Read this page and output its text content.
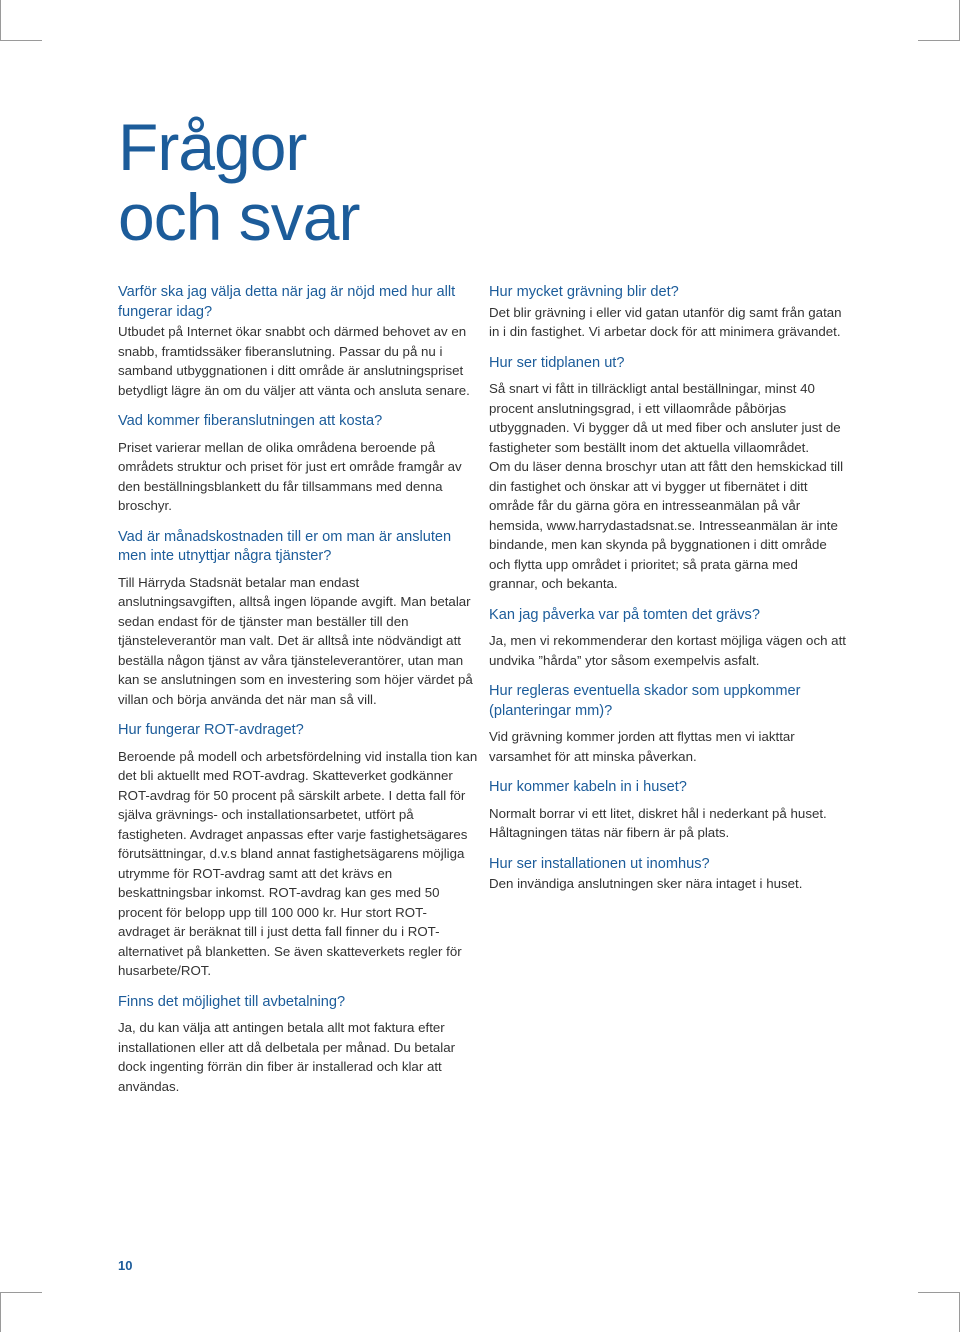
Frågor
och svar
Varför ska jag välja detta när jag är nöjd med hur allt fungerar idag?

Utbudet på Internet ökar snabbt och därmed behovet av en snabb, framtidssäker fiberanslutning. Passar du på nu i samband utbyggnationen i ditt område är anslutningspriset betydligt lägre än om du väljer att vänta och ansluta senare.

Vad kommer fiberanslutningen att kosta?

Priset varierar mellan de olika områdena beroende på områdets struktur och priset för just ert område framgår av den beställningsblankett du får tillsammans med denna broschyr.

Vad är månadskostnaden till er om man är ansluten men inte utnyttjar några tjänster?

Till Härryda Stadsnät betalar man endast anslutningsavgiften, alltså ingen löpande avgift. Man betalar sedan endast för de tjänster man beställer till den tjänsteleverantör man valt. Det är alltså inte nödvändigt att beställa någon tjänst av våra tjänsteleverantörer, utan man kan se anslutningen som en investering som höjer värdet på villan och börja använda det när man så vill.

Hur fungerar ROT-avdraget?

Beroende på modell och arbetsfördelning vid installa tion kan det bli aktuellt med ROT-avdrag. Skatteverket godkänner ROT-avdrag för 50 procent på särskilt arbete. I detta fall för själva grävnings- och installationsarbetet, utfört på fastigheten. Avdraget anpassas efter varje fastighetsägares förutsättningar, d.v.s bland annat fastighetsägarens möjliga utrymme för ROT-avdrag samt att det krävs en beskattningsbar inkomst. ROT-avdrag kan ges med 50 procent för belopp upp till 100 000 kr. Hur stort ROT-avdraget är beräknat till i just detta fall finner du i ROT-alternativet på blanketten. Se även skatteverkets regler för husarbete/ROT.

Finns det möjlighet till avbetalning?

Ja, du kan välja att antingen betala allt mot faktura efter installationen eller att då delbetala per månad. Du betalar dock ingenting förrän din fiber är installerad och klar att användas.

Hur mycket grävning blir det?

Det blir grävning i eller vid gatan utanför dig samt från gatan in i din fastighet. Vi arbetar dock för att minimera grävandet.

Hur ser tidplanen ut?

Så snart vi fått in tillräckligt antal beställningar, minst 40 procent anslutningsgrad, i ett villaområde påbörjas utbyggnaden. Vi bygger då ut med fiber och ansluter just de fastigheter som beställt inom det aktuella villaområdet.

Om du läser denna broschyr utan att fått den hemskickad till din fastighet och önskar att vi bygger ut fibernätet i ditt område får du gärna göra en intresseanmälan på vår hemsida, www.harrydastadsnat.se. Intresseanmälan är inte bindande, men kan skynda på byggnationen i ditt område och flytta upp området i prioritet; så prata gärna med grannar, och bekanta.

Kan jag påverka var på tomten det grävs?

Ja, men vi rekommenderar den kortast möjliga vägen och att undvika ”hårda” ytor såsom exempelvis asfalt.

Hur regleras eventuella skador som uppkommer (planteringar mm)?

Vid grävning kommer jorden att flyttas men vi iakttar varsamhet för att minska påverkan.

Hur kommer kabeln in i huset?

Normalt borrar vi ett litet, diskret hål i nederkant på huset. Håltagningen tätas när fibern är på plats.

Hur ser installationen ut inomhus?

Den invändiga anslutningen sker nära intaget i huset.

10
